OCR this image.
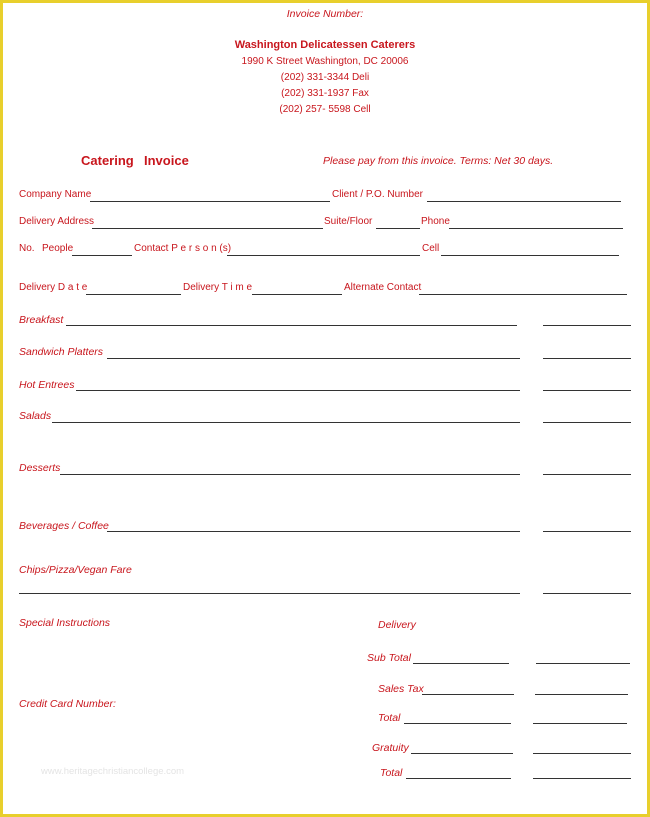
Invoice Number:
Washington Delicatessen Caterers
1990 K Street Washington, DC 20006
(202) 331-3344 Deli
(202) 331-1937 Fax
(202) 257- 5598 Cell
Catering Invoice	Please pay from this invoice. Terms: Net 30 days.
Company Name	Client / P.O. Number
Delivery Address	Suite/Floor	Phone
No. People	Contact P e r s o n (s)	Cell
Delivery D a t e	Delivery T i m e	Alternate Contact
Breakfast
Sandwich Platters
Hot Entrees
Salads
Desserts
Beverages / Coffee
Chips/Pizza/Vegan Fare
Special Instructions
Credit Card Number:
Delivery
Sub Total
Sales Tax
Total
Gratuity
Total
www.heritagechristiancollege.com
